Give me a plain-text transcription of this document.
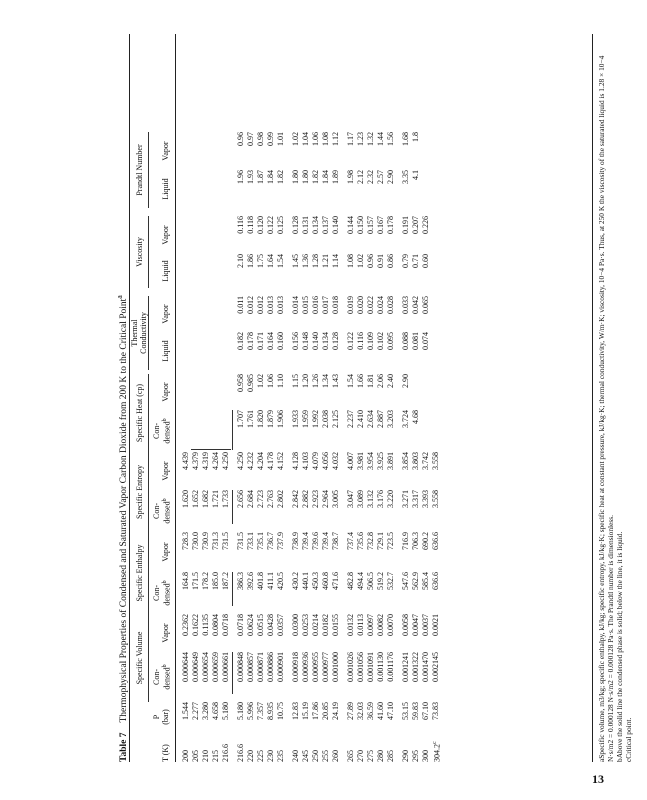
Table 7Thermophysical Properties of Condensed and Saturated Vapor Carbon Dioxide from 200 K to the Critical Point$^a$
Specific Volume
Specific Enthalpy
Specific Entropy
Specific Heat (cp)
Thermal Conductivity
Viscosity
Prandtl Number
T (K)
P
(bar)
Con-
densed$^b$
Vapor
Con-
densed$^b$
Vapor
Con-
densed$^b$
Vapor
Con-
densed$^b$
Vapor
Liquid
Vapor
Liquid
Vapor
Liquid
Vapor
200
1.544
0.000644
0.2362
164.8
728.3
1.620
4.439
205
2.277
0.000649
0.1622
171.5
730.0
1.652
4.379
210
3.280
0.000654
0.1135
178.2
730.9
1.682
4.319
215
4.658
0.000659
0.0804
185.0
731.3
1.721
4.264
216.6
5.180
0.000661
0.0718
187.2
731.5
1.733
4.250
216.6
5.180
0.000848
0.0718
386.3
731.5
2.656
4.250
1.707
0.958
0.182
0.011
2.10
0.116
1.96
0.96
220
5.996
0.000857
0.0624
392.6
733.1
2.684
4.232
1.761
0.985
0.178
0.012
1.86
0.118
1.93
0.97
225
7.357
0.000871
0.0515
401.8
735.1
2.723
4.204
1.820
1.02
0.171
0.012
1.75
0.120
1.87
0.98
230
8.935
0.000886
0.0428
411.1
736.7
2.763
4.178
1.879
1.06
0.164
0.013
1.64
0.122
1.84
0.99
235
10.75
0.000901
0.0357
420.5
737.9
2.802
4.152
1.906
1.10
0.160
0.013
1.54
0.125
1.82
1.01
240
12.83
0.000918
0.0300
430.2
738.9
2.842
4.128
1.933
1.15
0.156
0.014
1.45
0.128
1.80
1.02
245
15.19
0.000936
0.0253
440.1
739.4
2.882
4.103
1.959
1.20
0.148
0.015
1.36
0.131
1.80
1.04
250
17.86
0.000955
0.0214
450.3
739.6
2.923
4.079
1.992
1.26
0.140
0.016
1.28
0.134
1.82
1.06
255
20.85
0.000977
0.0182
460.8
739.4
2.964
4.056
2.038
1.34
0.134
0.017
1.21
0.137
1.84
1.08
260
24.19
0.001000
0.0155
471.6
738.7
3.005
4.032
2.125
1.43
0.128
0.018
1.14
0.140
1.89
1.12
265
27.89
0.001026
0.0132
482.8
737.4
3.047
4.007
2.237
1.54
0.122
0.019
1.08
0.144
1.98
1.17
270
32.03
0.001056
0.0113
494.4
735.6
3.089
3.981
2.410
1.66
0.116
0.020
1.02
0.150
2.12
1.23
275
36.59
0.001091
0.0097
506.5
732.8
3.132
3.954
2.634
1.81
0.109
0.022
0.96
0.157
2.32
1.32
280
41.60
0.001130
0.0082
519.2
729.1
3.176
3.925
2.887
2.06
0.102
0.024
0.91
0.167
2.57
1.44
285
47.10
0.001176
0.0070
532.7
723.5
3.220
3.891
3.203
2.40
0.095
0.028
0.86
0.178
2.90
1.56
290
53.15
0.001241
0.0058
547.6
716.9
3.271
3.854
3.724
2.90
0.088
0.033
0.79
0.191
3.35
1.68
295
59.83
0.001322
0.0047
562.9
706.3
3.317
3.803
4.68
0.081
0.042
0.71
0.207
4.1
1.8
300
67.10
0.001470
0.0037
585.4
690.2
3.393
3.742
0.074
0.065
0.60
0.226
304.2$^c$
73.83
0.002145
0.0021
636.6
636.6
3.558
3.558	aSpecific volume, m3/kg; specific enthalpy, kJ/kg; specific entropy, kJ/kg·K; specific heat at constant pressure, kJ/kg·K; thermal conductivity, W/m·K; viscosity, 10−4 Pa·s. Thus, at 250 K the viscosity of the saturated liquid is 1.28 × 10−4 N·s/m2 = 0.000128 N·s/m2 = 0.000128 Pa·s. The Prandtl number is dimensionless. bAbove the solid line the condensed phase is solid; below the line, it is liquid. cCritical point.
13
